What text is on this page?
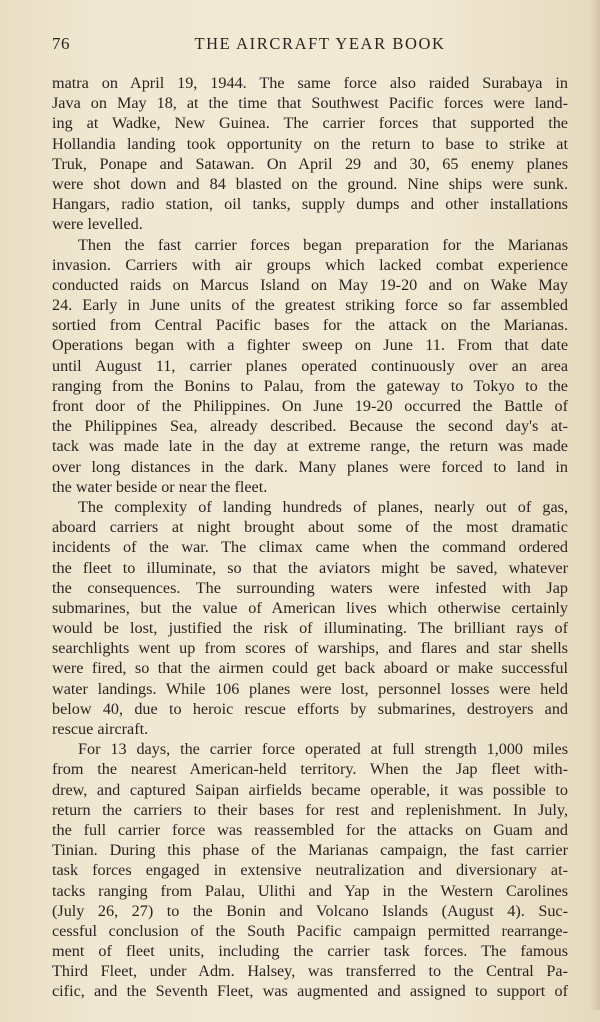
76	THE AIRCRAFT YEAR BOOK
matra on April 19, 1944. The same force also raided Surabaya in
Java on May 18, at the time that Southwest Pacific forces were land-
ing at Wadke, New Guinea. The carrier forces that supported the
Hollandia landing took opportunity on the return to base to strike at
Truk, Ponape and Satawan. On April 29 and 30, 65 enemy planes
were shot down and 84 blasted on the ground. Nine ships were sunk.
Hangars, radio station, oil tanks, supply dumps and other installations
were levelled.
Then the fast carrier forces began preparation for the Marianas
invasion. Carriers with air groups which lacked combat experience
conducted raids on Marcus Island on May 19-20 and on Wake May
24. Early in June units of the greatest striking force so far assembled
sortied from Central Pacific bases for the attack on the Marianas.
Operations began with a fighter sweep on June 11. From that date
until August 11, carrier planes operated continuously over an area
ranging from the Bonins to Palau, from the gateway to Tokyo to the
front door of the Philippines. On June 19-20 occurred the Battle of
the Philippines Sea, already described. Because the second day's at-
tack was made late in the day at extreme range, the return was made
over long distances in the dark. Many planes were forced to land in
the water beside or near the fleet.
The complexity of landing hundreds of planes, nearly out of gas,
aboard carriers at night brought about some of the most dramatic
incidents of the war. The climax came when the command ordered
the fleet to illuminate, so that the aviators might be saved, whatever
the consequences. The surrounding waters were infested with Jap
submarines, but the value of American lives which otherwise certainly
would be lost, justified the risk of illuminating. The brilliant rays of
searchlights went up from scores of warships, and flares and star shells
were fired, so that the airmen could get back aboard or make successful
water landings. While 106 planes were lost, personnel losses were held
below 40, due to heroic rescue efforts by submarines, destroyers and
rescue aircraft.
For 13 days, the carrier force operated at full strength 1,000 miles
from the nearest American-held territory. When the Jap fleet with-
drew, and captured Saipan airfields became operable, it was possible to
return the carriers to their bases for rest and replenishment. In July,
the full carrier force was reassembled for the attacks on Guam and
Tinian. During this phase of the Marianas campaign, the fast carrier
task forces engaged in extensive neutralization and diversionary at-
tacks ranging from Palau, Ulithi and Yap in the Western Carolines
(July 26, 27) to the Bonin and Volcano Islands (August 4). Suc-
cessful conclusion of the South Pacific campaign permitted rearrange-
ment of fleet units, including the carrier task forces. The famous
Third Fleet, under Adm. Halsey, was transferred to the Central Pa-
cific, and the Seventh Fleet, was augmented and assigned to support of
